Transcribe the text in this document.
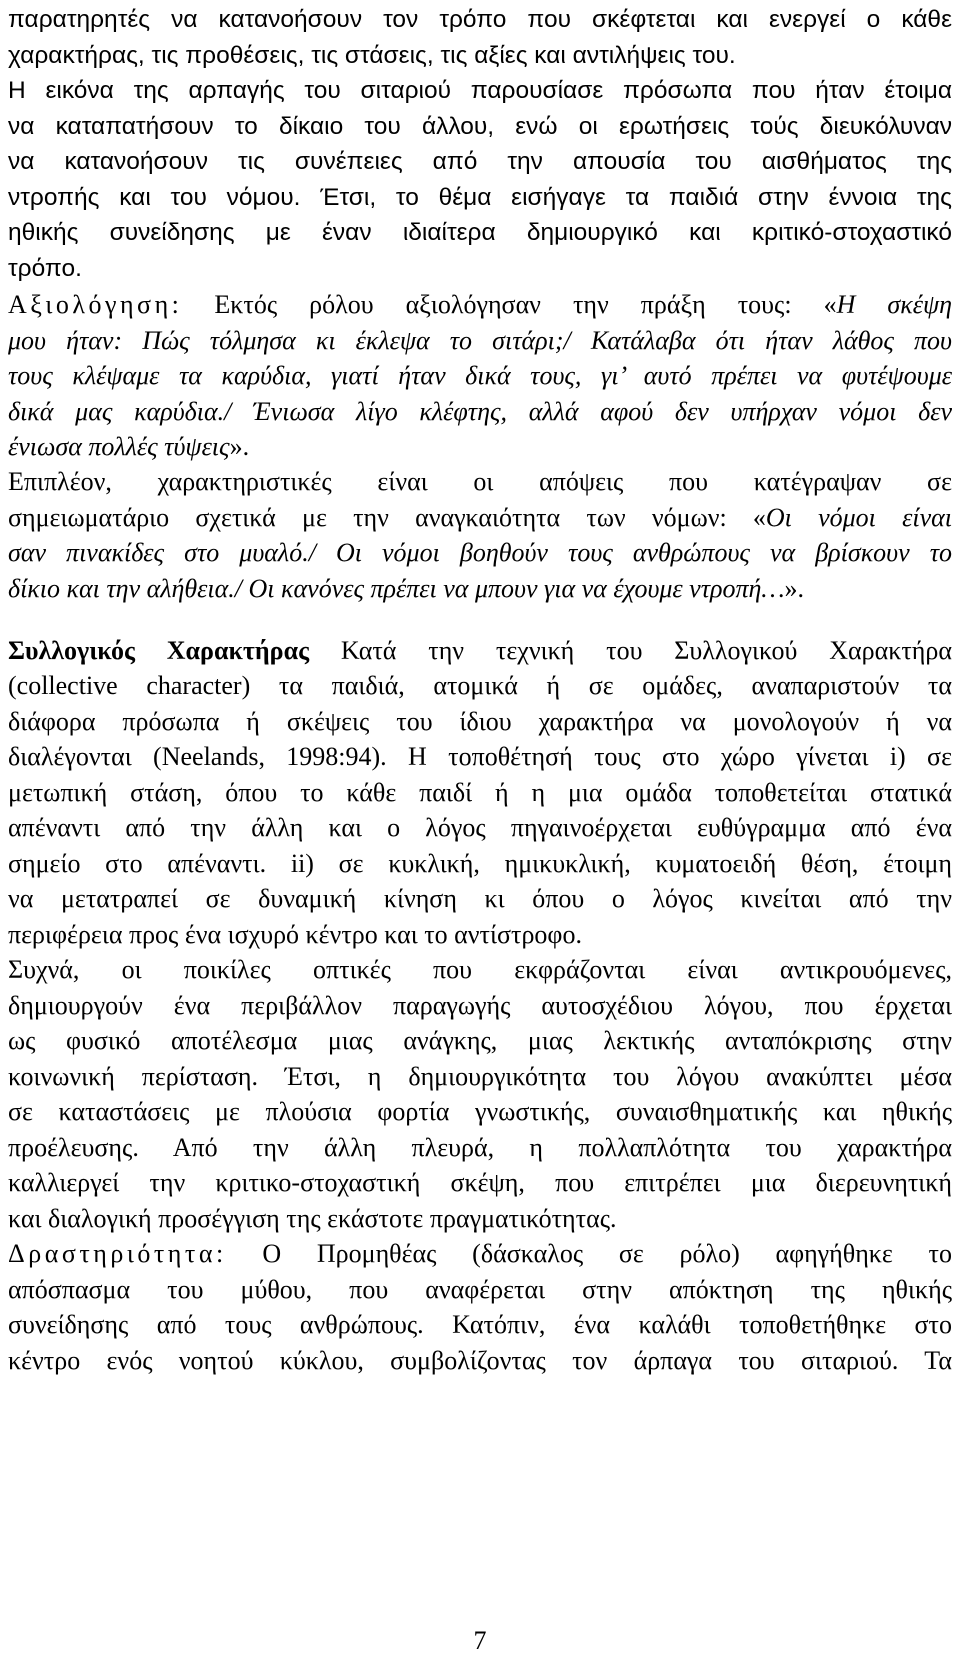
παρατηρητές να κατανοήσουν τον τρόπο που σκέφτεται και ενεργεί ο κάθε
χαρακτήρας, τις προθέσεις, τις στάσεις, τις αξίες και αντιλήψεις του.
Η εικόνα της αρπαγής του σιταριού παρουσίασε πρόσωπα που ήταν έτοιμα
να καταπατήσουν το δίκαιο του άλλου, ενώ οι ερωτήσεις τούς διευκόλυναν
να κατανοήσουν τις συνέπειες από την απουσία του αισθήματος της
ντροπής και του νόμου. Έτσι, το θέμα εισήγαγε τα παιδιά στην έννοια της
ηθικής συνείδησης με έναν ιδιαίτερα δημιουργικό και κριτικό-στοχαστικό
τρόπο.
Αξιολόγηση: Εκτός ρόλου αξιολόγησαν την πράξη τους: «Η σκέψη
μου ήταν: Πώς τόλμησα κι έκλεψα το σιτάρι;/ Κατάλαβα ότι ήταν λάθος που
τους κλέψαμε τα καρύδια, γιατί ήταν δικά τους, γι’ αυτό πρέπει να φυτέψουμε
δικά μας καρύδια./ Ένιωσα λίγο κλέφτης, αλλά αφού δεν υπήρχαν νόμοι δεν
ένιωσα πολλές τύψεις».
Επιπλέον, χαρακτηριστικές είναι οι απόψεις που κατέγραψαν σε
σημειωματάριο σχετικά με την αναγκαιότητα των νόμων: «Οι νόμοι είναι
σαν πινακίδες στο μυαλό./ Οι νόμοι βοηθούν τους ανθρώπους να βρίσκουν το
δίκιο και την αλήθεια./ Οι κανόνες πρέπει να μπουν για να έχουμε ντροπή…».
Συλλογικός Χαρακτήρας Κατά την τεχνική του Συλλογικού Χαρακτήρα
(collective character) τα παιδιά, ατομικά ή σε ομάδες, αναπαριστούν τα
διάφορα πρόσωπα ή σκέψεις του ίδιου χαρακτήρα να μονολογούν ή να
διαλέγονται (Neelands, 1998:94). Η τοποθέτησή τους στο χώρο γίνεται i) σε
μετωπική στάση, όπου το κάθε παιδί ή η μια ομάδα τοποθετείται στατικά
απέναντι από την άλλη και ο λόγος πηγαινοέρχεται ευθύγραμμα από ένα
σημείο στο απέναντι. ii) σε κυκλική, ημικυκλική, κυματοειδή θέση, έτοιμη
να μετατραπεί σε δυναμική κίνηση κι όπου ο λόγος κινείται από την
περιφέρεια προς ένα ισχυρό κέντρο και το αντίστροφο.
Συχνά, οι ποικίλες οπτικές που εκφράζονται είναι αντικρουόμενες,
δημιουργούν ένα περιβάλλον παραγωγής αυτοσχέδιου λόγου, που έρχεται
ως φυσικό αποτέλεσμα μιας ανάγκης, μιας λεκτικής ανταπόκρισης στην
κοινωνική περίσταση. Έτσι, η δημιουργικότητα του λόγου ανακύπτει μέσα
σε καταστάσεις με πλούσια φορτία γνωστικής, συναισθηματικής και ηθικής
προέλευσης. Από την άλλη πλευρά, η πολλαπλότητα του χαρακτήρα
καλλιεργεί την κριτικο-στοχαστική σκέψη, που επιτρέπει μια διερευνητική
και διαλογική προσέγγιση της εκάστοτε πραγματικότητας.
Δραστηριότητα: Ο Προμηθέας (δάσκαλος σε ρόλο) αφηγήθηκε το
απόσπασμα του μύθου, που αναφέρεται στην απόκτηση της ηθικής
συνείδησης από τους ανθρώπους. Κατόπιν, ένα καλάθι τοποθετήθηκε στο
κέντρο ενός νοητού κύκλου, συμβολίζοντας τον άρπαγα του σιταριού. Τα
7
